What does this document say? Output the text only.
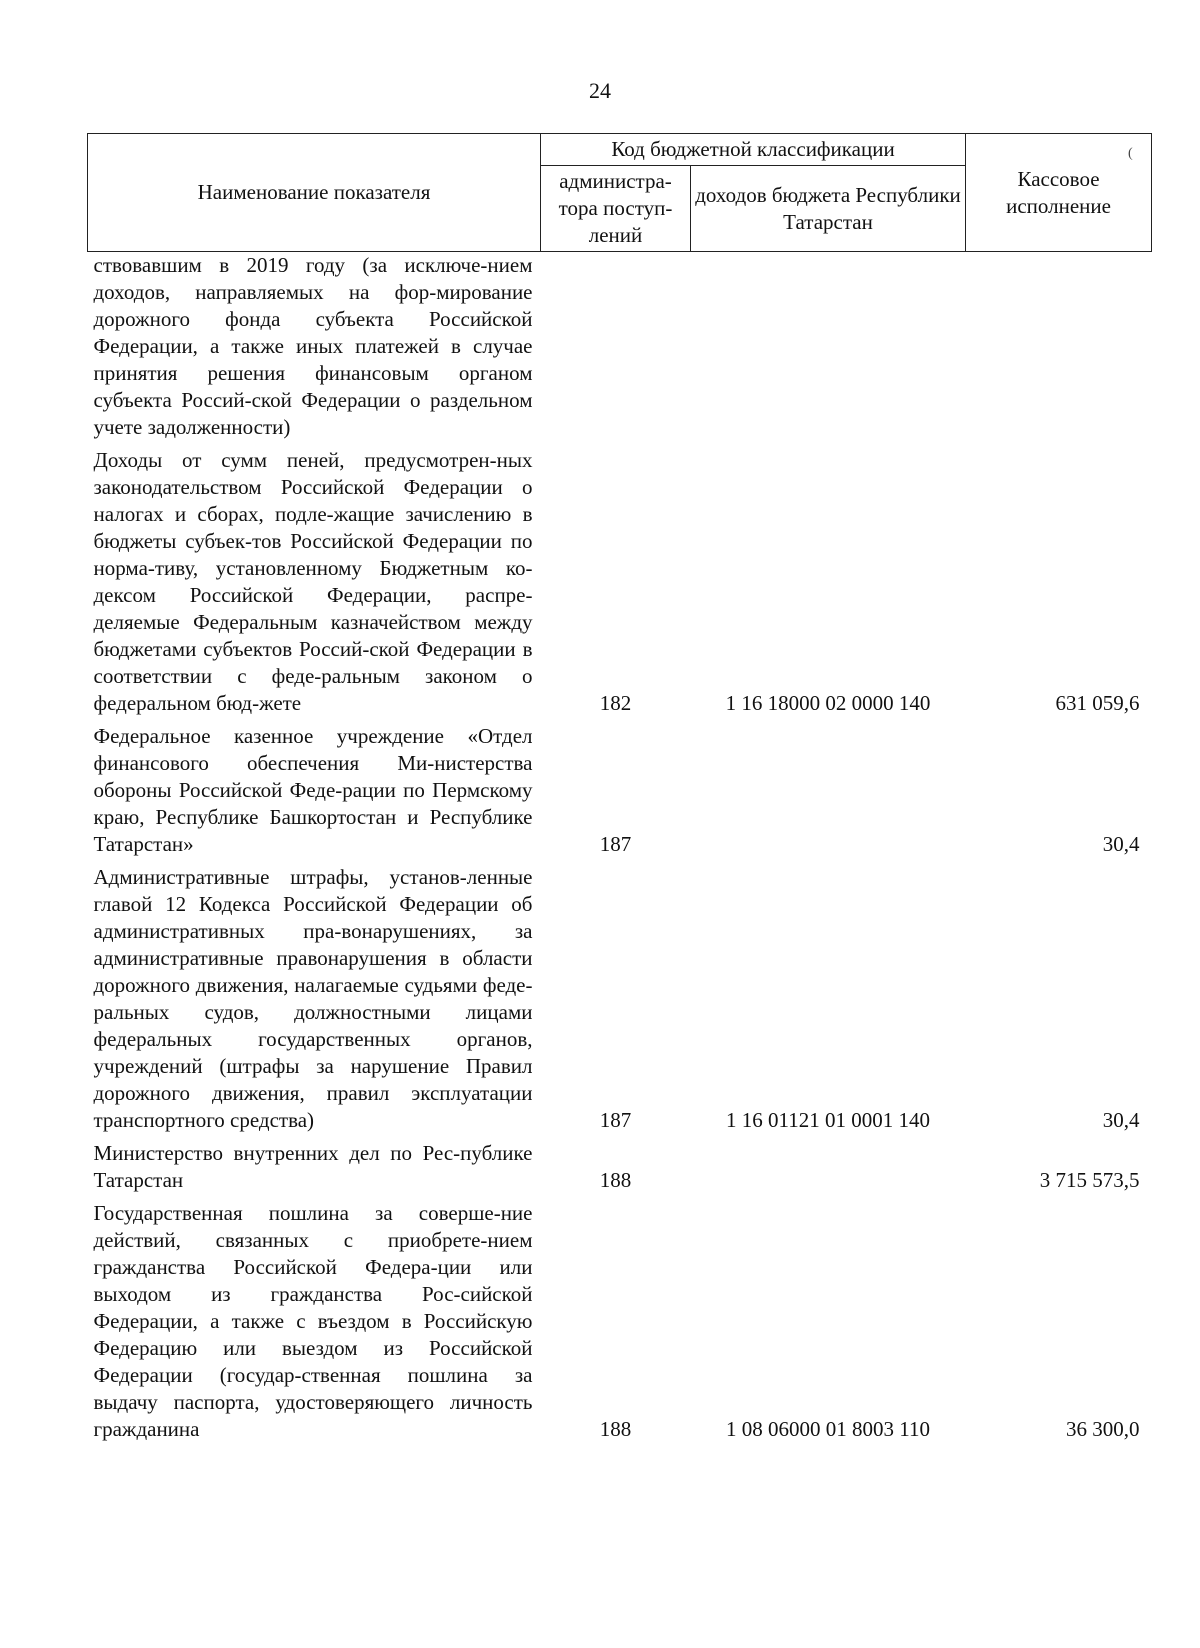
24
(
Наименование показателя	Код бюджетной классификации		Кассовое исполнение
	администра-тора поступ-лений	доходов бюджета Республики Татарстан	
ствовавшим в 2019 году (за исключе-нием доходов, направляемых на фор-мирование дорожного фонда субъекта Российской Федерации, а также иных платежей в случае принятия решения финансовым органом субъекта Россий-ской Федерации о раздельном учете задолженности)			
Доходы от сумм пеней, предусмотрен-ных законодательством Российской Федерации о налогах и сборах, подле-жащие зачислению в бюджеты субъек-тов Российской Федерации по норма-тиву, установленному Бюджетным ко-дексом Российской Федерации, распре-деляемые Федеральным казначейством между бюджетами субъектов Россий-ской Федерации в соответствии с феде-ральным законом о федеральном бюд-жете	182	1 16 18000 02 0000 140	631 059,6
Федеральное казенное учреждение «Отдел финансового обеспечения Ми-нистерства обороны Российской Феде-рации по Пермскому краю, Республике Башкортостан и Республике Татарстан»	187		30,4
Административные штрафы, установ-ленные главой 12 Кодекса Российской Федерации об административных пра-вонарушениях, за административные правонарушения в области дорожного движения, налагаемые судьями феде-ральных судов, должностными лицами федеральных государственных органов, учреждений (штрафы за нарушение Правил дорожного движения, правил эксплуатации транспортного средства)	187	1 16 01121 01 0001 140	30,4
Министерство внутренних дел по Рес-публике Татарстан	188		3 715 573,5
Государственная пошлина за соверше-ние действий, связанных с приобрете-нием гражданства Российской Федера-ции или выходом из гражданства Рос-сийской Федерации, а также с въездом в Российскую Федерацию или выездом из Российской Федерации (государ-ственная пошлина за выдачу паспорта, удостоверяющего личность гражданина	188	1 08 06000 01 8003 110	36 300,0
